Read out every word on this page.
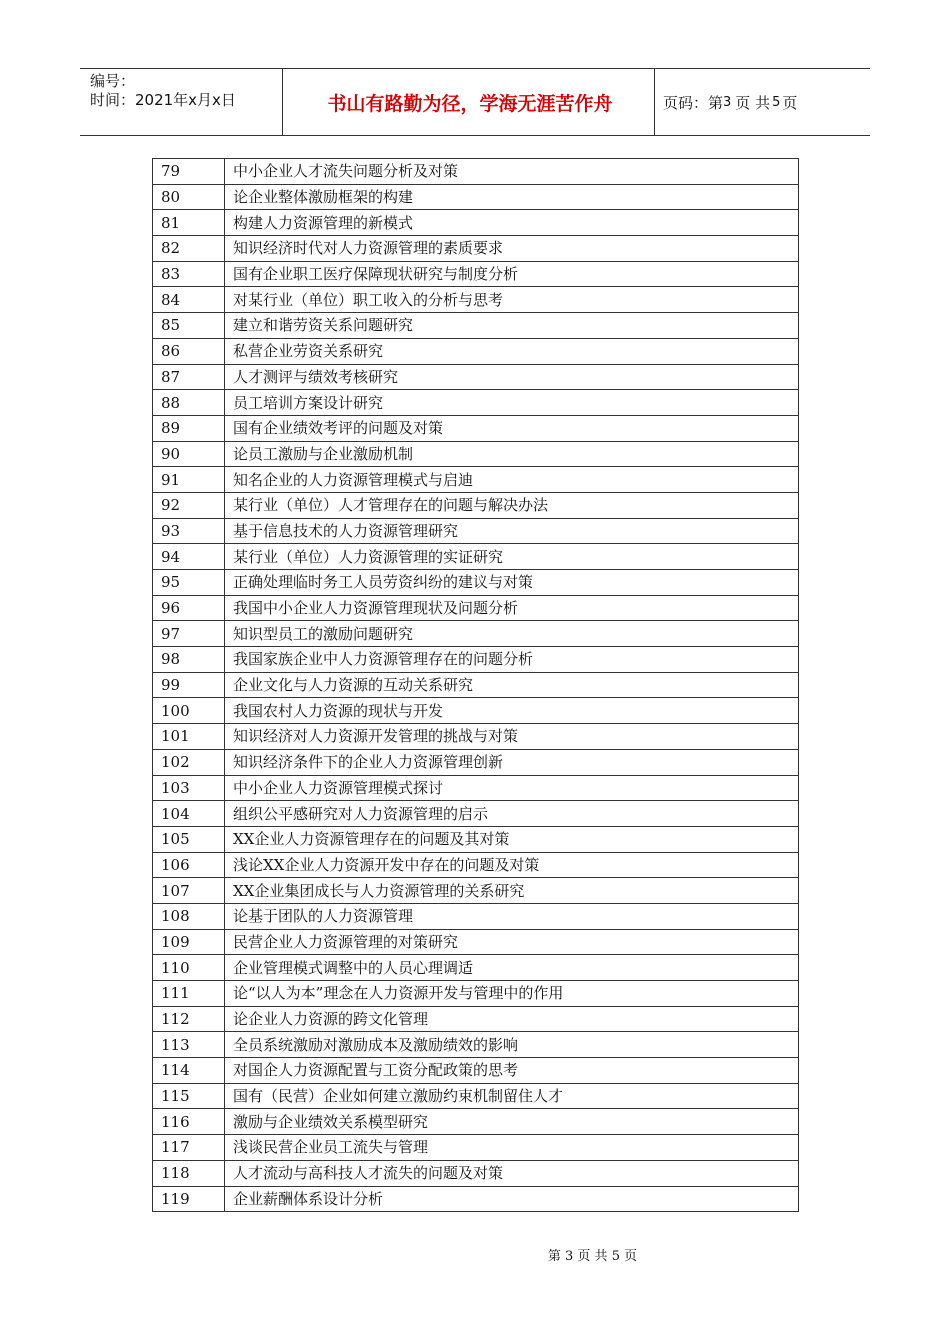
编号：
时间：2021年x月x日	书山有路勤为径，学海无涯苦作舟	页码：第 3 页 共 5 页
79	中小企业人才流失问题分析及对策
80	论企业整体激励框架的构建
81	构建人力资源管理的新模式
82	知识经济时代对人力资源管理的素质要求
83	国有企业职工医疗保障现状研究与制度分析
84	对某行业（单位）职工收入的分析与思考
85	建立和谐劳资关系问题研究
86	私营企业劳资关系研究
87	人才测评与绩效考核研究
88	员工培训方案设计研究
89	国有企业绩效考评的问题及对策
90	论员工激励与企业激励机制
91	知名企业的人力资源管理模式与启迪
92	某行业（单位）人才管理存在的问题与解决办法
93	基于信息技术的人力资源管理研究
94	某行业（单位）人力资源管理的实证研究
95	正确处理临时务工人员劳资纠纷的建议与对策
96	我国中小企业人力资源管理现状及问题分析
97	知识型员工的激励问题研究
98	我国家族企业中人力资源管理存在的问题分析
99	企业文化与人力资源的互动关系研究
100	我国农村人力资源的现状与开发
101	知识经济对人力资源开发管理的挑战与对策
102	知识经济条件下的企业人力资源管理创新
103	中小企业人力资源管理模式探讨
104	组织公平感研究对人力资源管理的启示
105	XX企业人力资源管理存在的问题及其对策
106	浅论XX企业人力资源开发中存在的问题及对策
107	XX企业集团成长与人力资源管理的关系研究
108	论基于团队的人力资源管理
109	民营企业人力资源管理的对策研究
110	企业管理模式调整中的人员心理调适
111	论“以人为本”理念在人力资源开发与管理中的作用
112	论企业人力资源的跨文化管理
113	全员系统激励对激励成本及激励绩效的影响
114	对国企人力资源配置与工资分配政策的思考
115	国有（民营）企业如何建立激励约束机制留住人才
116	激励与企业绩效关系模型研究
117	浅谈民营企业员工流失与管理
118	人才流动与高科技人才流失的问题及对策
119	企业薪酬体系设计分析
第 3 页 共 5 页
